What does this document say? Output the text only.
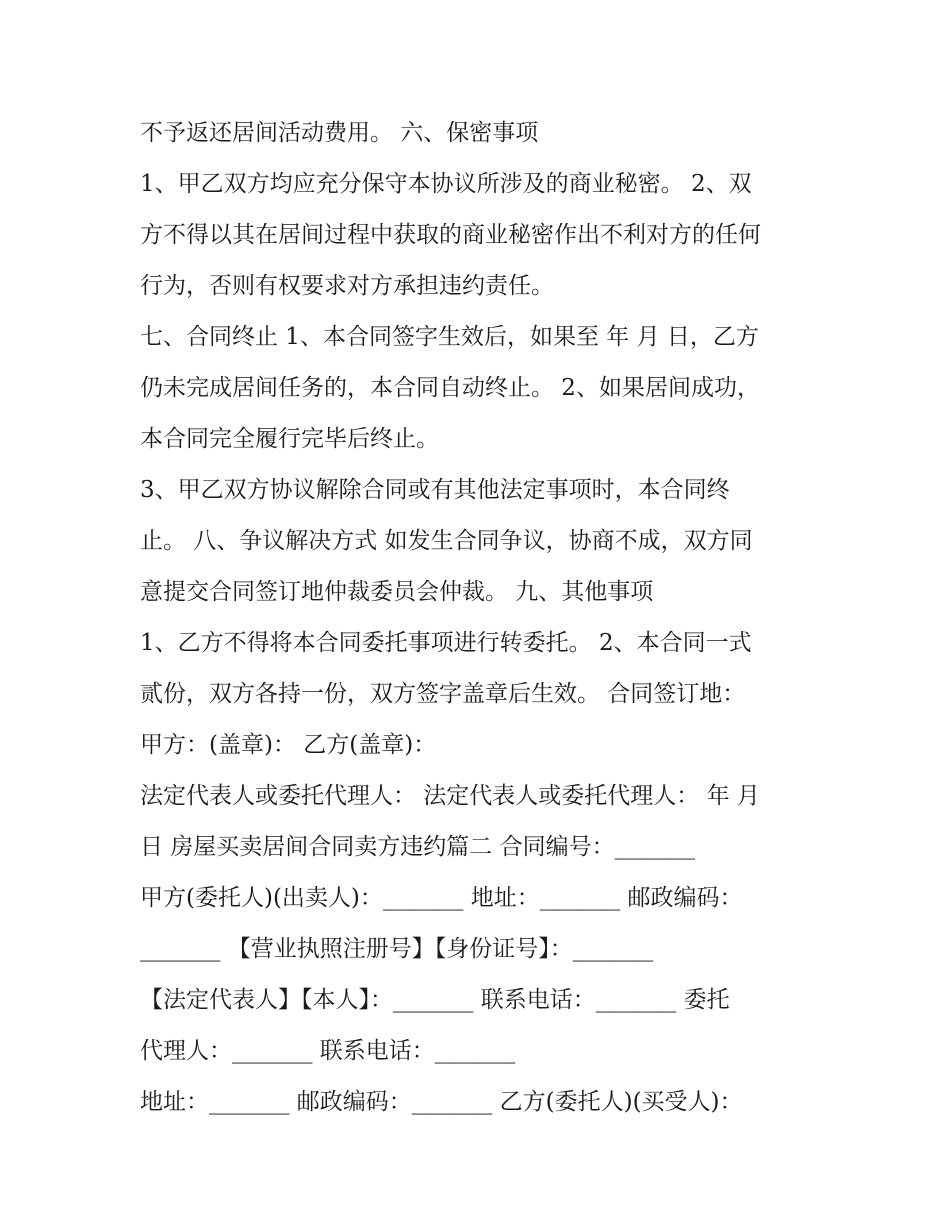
不予返还居间活动费用。 六、保密事项
1、甲乙双方均应充分保守本协议所涉及的商业秘密。 2、双
方不得以其在居间过程中获取的商业秘密作出不利对方的任何
行为，否则有权要求对方承担违约责任。
七、合同终止 1、本合同签字生效后，如果至 年 月 日，乙方
仍未完成居间任务的，本合同自动终止。 2、如果居间成功，
本合同完全履行完毕后终止。
3、甲乙双方协议解除合同或有其他法定事项时，本合同终
止。 八、争议解决方式 如发生合同争议，协商不成，双方同
意提交合同签订地仲裁委员会仲裁。 九、其他事项
1、乙方不得将本合同委托事项进行转委托。 2、本合同一式
贰份，双方各持一份，双方签字盖章后生效。 合同签订地：
甲方：(盖章)： 乙方(盖章)：
法定代表人或委托代理人： 法定代表人或委托代理人： 年 月
日 房屋买卖居间合同卖方违约篇二 合同编号：_______
甲方(委托人)(出卖人)：_______ 地址：_______ 邮政编码：
_______ 【营业执照注册号】【身份证号】：_______
【法定代表人】【本人】：_______ 联系电话：_______ 委托
代理人：_______ 联系电话：_______
地址：_______ 邮政编码：_______ 乙方(委托人)(买受人)：
